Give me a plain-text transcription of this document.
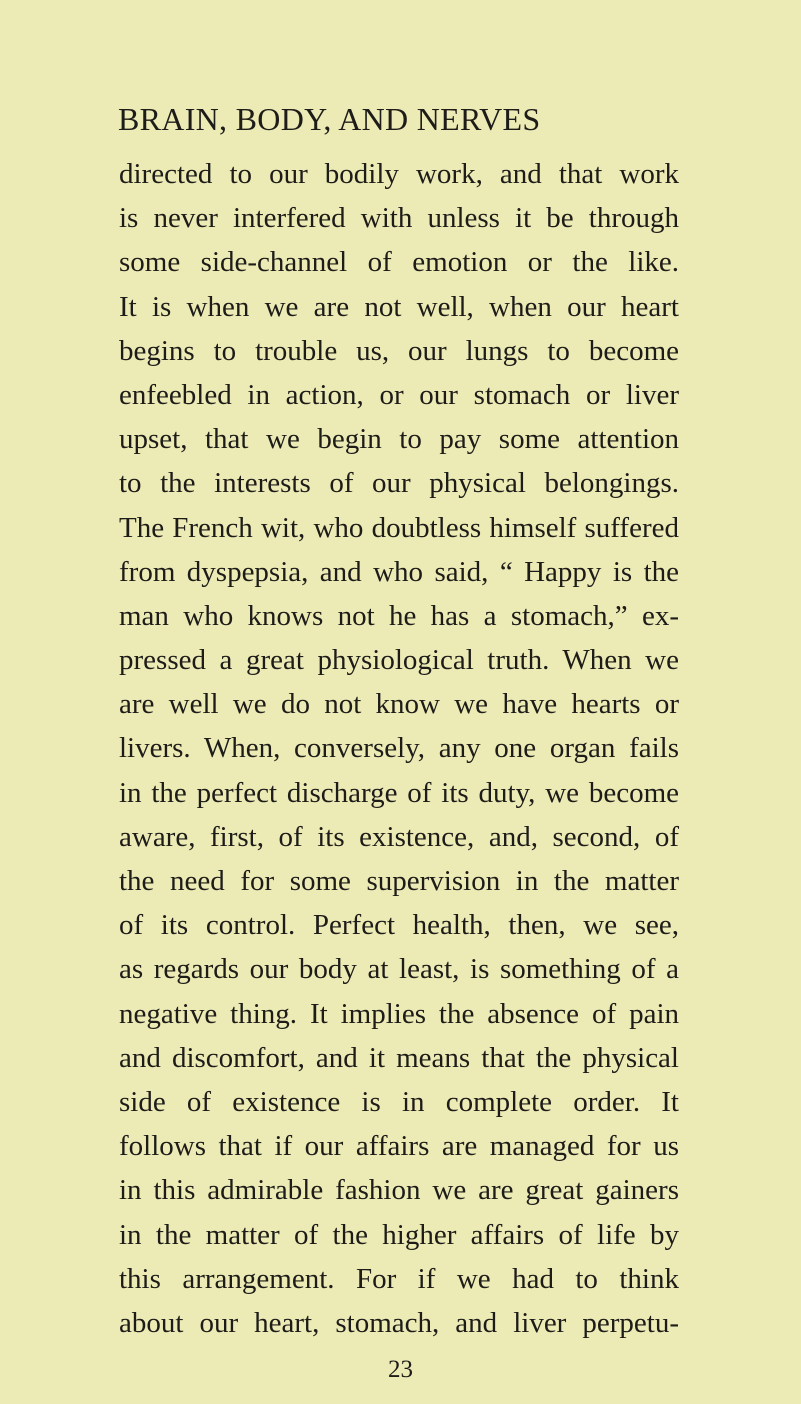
BRAIN, BODY, AND NERVES
directed to our bodily work, and that work
is never interfered with unless it be through
some side-channel of emotion or the like.
It is when we are not well, when our heart
begins to trouble us, our lungs to become
enfeebled in action, or our stomach or liver
upset, that we begin to pay some attention
to the interests of our physical belongings.
The French wit, who doubtless himself suffered
from dyspepsia, and who said, “ Happy is the
man who knows not he has a stomach,” ex-
pressed a great physiological truth. When we
are well we do not know we have hearts or
livers. When, conversely, any one organ fails
in the perfect discharge of its duty, we become
aware, first, of its existence, and, second, of
the need for some supervision in the matter
of its control. Perfect health, then, we see,
as regards our body at least, is something of a
negative thing. It implies the absence of pain
and discomfort, and it means that the physical
side of existence is in complete order. It
follows that if our affairs are managed for us
in this admirable fashion we are great gainers
in the matter of the higher affairs of life by
this arrangement. For if we had to think
about our heart, stomach, and liver perpetu-
23
